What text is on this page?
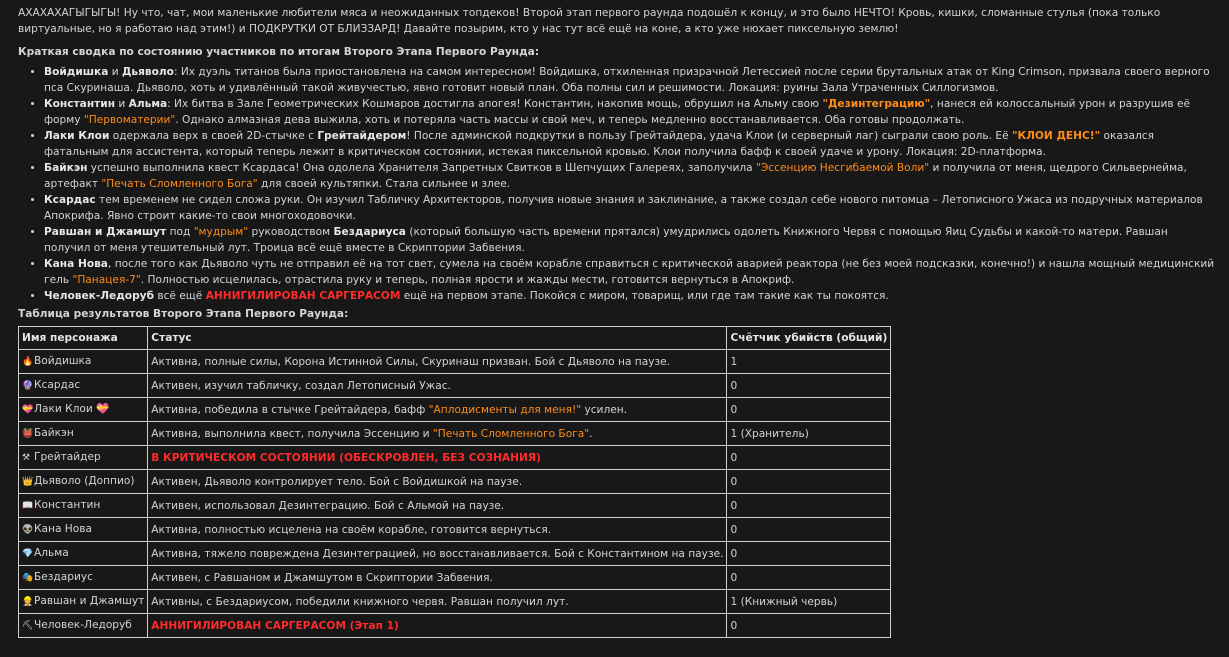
АХАХАХАГЫГЫГЫ! Ну что, чат, мои маленькие любители мяса и неожиданных топдеков! Второй этап первого раунда подошёл к концу, и это было НЕЧТО! Кровь, кишки, сломанные стулья (пока только виртуальные, но я работаю над этим!) и ПОДКРУТКИ ОТ БЛИЗЗАРД! Давайте позырим, кто у нас тут всё ещё на коне, а кто уже нюхает пиксельную землю!

Краткая сводка по состоянию участников по итогам Второго Этапа Первого Раунда:

• Войдишка и Дьяволо: Их дуэль титанов была приостановлена на самом интересном! Войдишка, отхиленная призрачной Летессией после серии брутальных атак от King Crimson, призвала своего верного пса Скуринаша. Дьяволо, хоть и удивлённый такой живучестью, явно готовит новый план. Оба полны сил и решимости. Локация: руины Зала Утраченных Силлогизмов.
• Константин и Альма: Их битва в Зале Геометрических Кошмаров достигла апогея! Константин, накопив мощь, обрушил на Альму свою "Дезинтеграцию", нанеся ей колоссальный урон и разрушив её форму "Первоматерии". Однако алмазная дева выжила, хоть и потеряла часть массы и свой меч, и теперь медленно восстанавливается. Оба готовы продолжать.
• Лаки Клои одержала верх в своей 2D-стычке с Грейтайдером! После админской подкрутки в пользу Грейтайдера, удача Клои (и серверный лаг) сыграли свою роль. Её "КЛОИ ДЕНС!" оказался фатальным для ассистента, который теперь лежит в критическом состоянии, истекая пиксельной кровью. Клои получила бафф к своей удаче и урону. Локация: 2D-платформа.
• Байкэн успешно выполнила квест Ксардаса! Она одолела Хранителя Запретных Свитков в Шепчущих Галереях, заполучила "Эссенцию Несгибаемой Воли" и получила от меня, щедрого Сильвернейма, артефакт "Печать Сломленного Бога" для своей культяпки. Стала сильнее и злее.
• Ксардас тем временем не сидел сложа руки. Он изучил Табличку Архитекторов, получив новые знания и заклинание, а также создал себе нового питомца – Летописного Ужаса из подручных материалов Апокрифа. Явно строит какие-то свои многоходовочки.
• Равшан и Джамшут под "мудрым" руководством Бездариуса (который большую часть времени прятался) умудрились одолеть Книжного Червя с помощью Яиц Судьбы и какой-то матери. Равшан получил от меня утешительный лут. Троица всё ещё вместе в Скриптории Забвения.
• Кана Нова, после того как Дьяволо чуть не отправил её на тот свет, сумела на своём корабле справиться с критической аварией реактора (не без моей подсказки, конечно!) и нашла мощный медицинский гель "Панацея-7". Полностью исцелилась, отрастила руку и теперь, полная ярости и жажды мести, готовится вернуться в Апокриф.
• Человек-Ледоруб всё ещё АННИГИЛИРОВАН САРГЕРАСОМ ещё на первом этапе. Покойся с миром, товарищ, или где там такие как ты покоятся.

Таблица результатов Второго Этапа Первого Раунда:

Имя персонажа	Статус	Счётчик убийств (общий)
🔥Войдишка	Активна, полные силы, Корона Истинной Силы, Скуринаш призван. Бой с Дьяволо на паузе.	1
🔮Ксардас	Активен, изучил табличку, создал Летописный Ужас.	0
💝Лаки Клои 💝	Активна, победила в стычке Грейтайдера, бафф "Аплодисменты для меня!" усилен.	0
👹Байкэн	Активна, выполнила квест, получила Эссенцию и "Печать Сломленного Бога".	1 (Хранитель)
⚒ Грейтайдер	В КРИТИЧЕСКОМ СОСТОЯНИИ (ОБЕСКРОВЛЕН, БЕЗ СОЗНАНИЯ)	0
👑Дьяволо (Доппио)	Активен, Дьяволо контролирует тело. Бой с Войдишкой на паузе.	0
📖Константин	Активен, использовал Дезинтеграцию. Бой с Альмой на паузе.	0
👽Кана Нова	Активна, полностью исцелена на своём корабле, готовится вернуться.	0
💎Альма	Активна, тяжело повреждена Дезинтеграцией, но восстанавливается. Бой с Константином на паузе.	0
🎭Бездариус	Активен, с Равшаном и Джамшутом в Скриптории Забвения.	0
👷Равшан и Джамшут	Активны, с Бездариусом, победили книжного червя. Равшан получил лут.	1 (Книжный червь)
⛏Человек-Ледоруб	АННИГИЛИРОВАН САРГЕРАСОМ (Этап 1)	0
